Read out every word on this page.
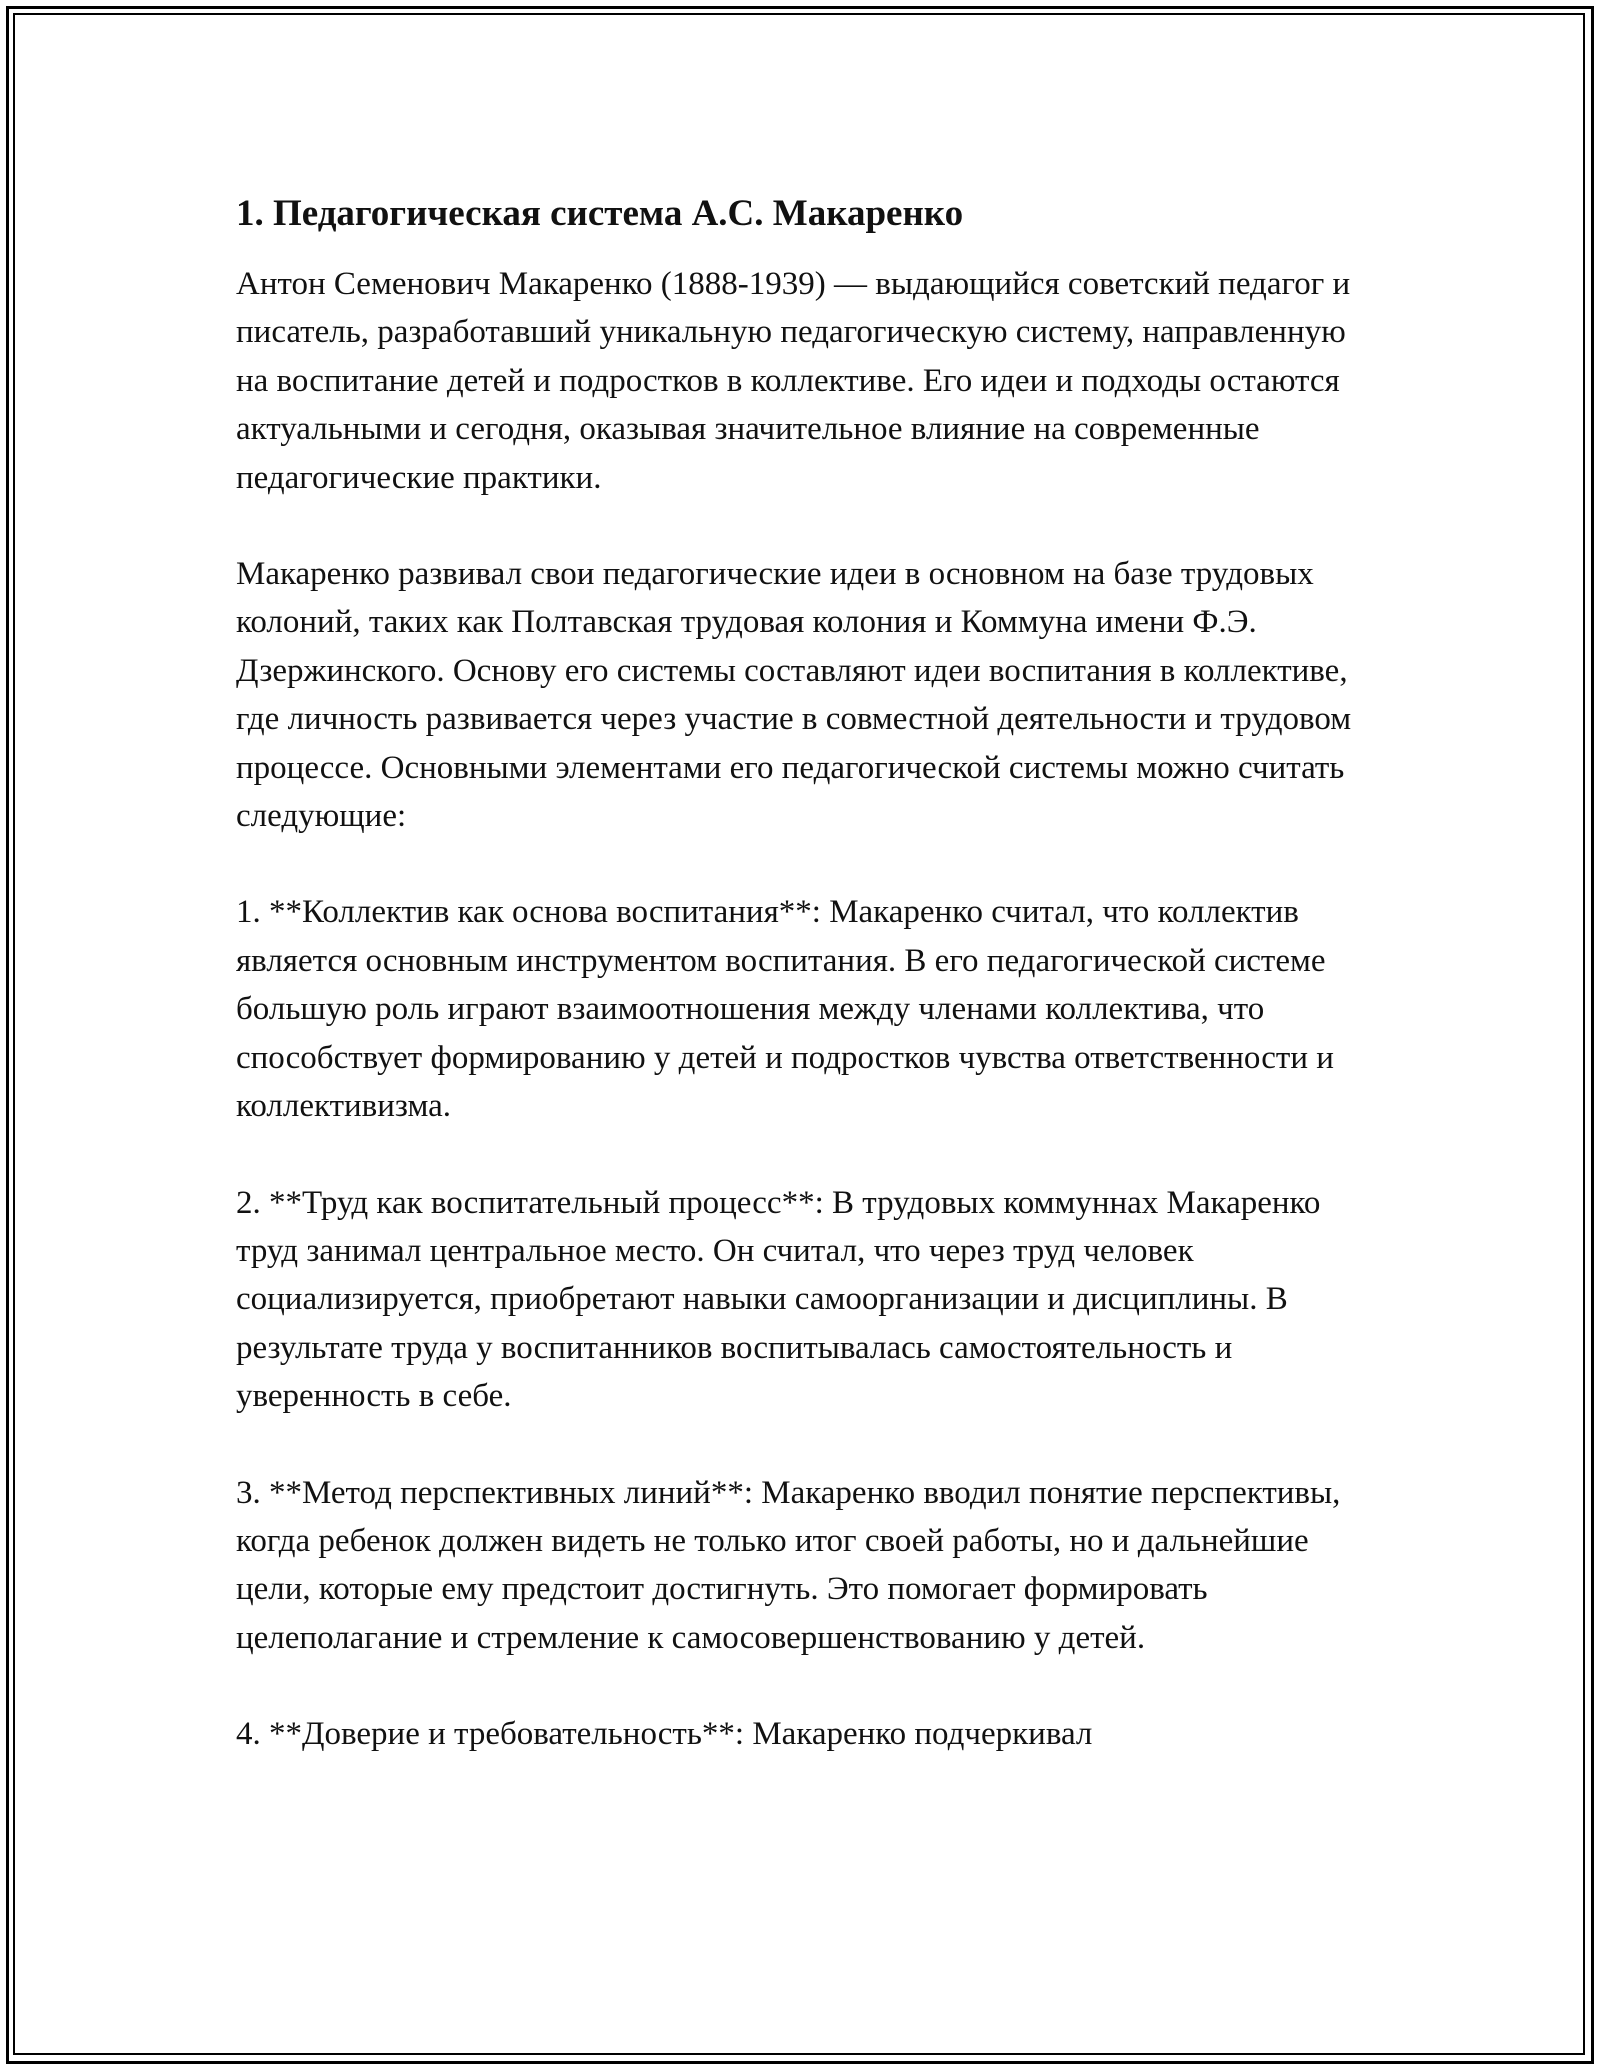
1. Педагогическая система А.С. Макаренко

Антон Семенович Макаренко (1888-1939) — выдающийся советский педагог и писатель, разработавший уникальную педагогическую систему, направленную на воспитание детей и подростков в коллективе. Его идеи и подходы остаются актуальными и сегодня, оказывая значительное влияние на современные педагогические практики.

Макаренко развивал свои педагогические идеи в основном на базе трудовых колоний, таких как Полтавская трудовая колония и Коммуна имени Ф.Э. Дзержинского. Основу его системы составляют идеи воспитания в коллективе, где личность развивается через участие в совместной деятельности и трудовом процессе. Основными элементами его педагогической системы можно считать следующие:

1. **Коллектив как основа воспитания**: Макаренко считал, что коллектив является основным инструментом воспитания. В его педагогической системе большую роль играют взаимоотношения между членами коллектива, что способствует формированию у детей и подростков чувства ответственности и коллективизма.

2. **Труд как воспитательный процесс**: В трудовых коммуннах Макаренко труд занимал центральное место. Он считал, что через труд человек социализируется, приобретают навыки самоорганизации и дисциплины. В результате труда у воспитанников воспитывалась самостоятельность и уверенность в себе.

3. **Метод перспективных линий**: Макаренко вводил понятие перспективы, когда ребенок должен видеть не только итог своей работы, но и дальнейшие цели, которые ему предстоит достигнуть. Это помогает формировать целеполагание и стремление к самосовершенствованию у детей.

4. **Доверие и требовательность**: Макаренко подчеркивал
